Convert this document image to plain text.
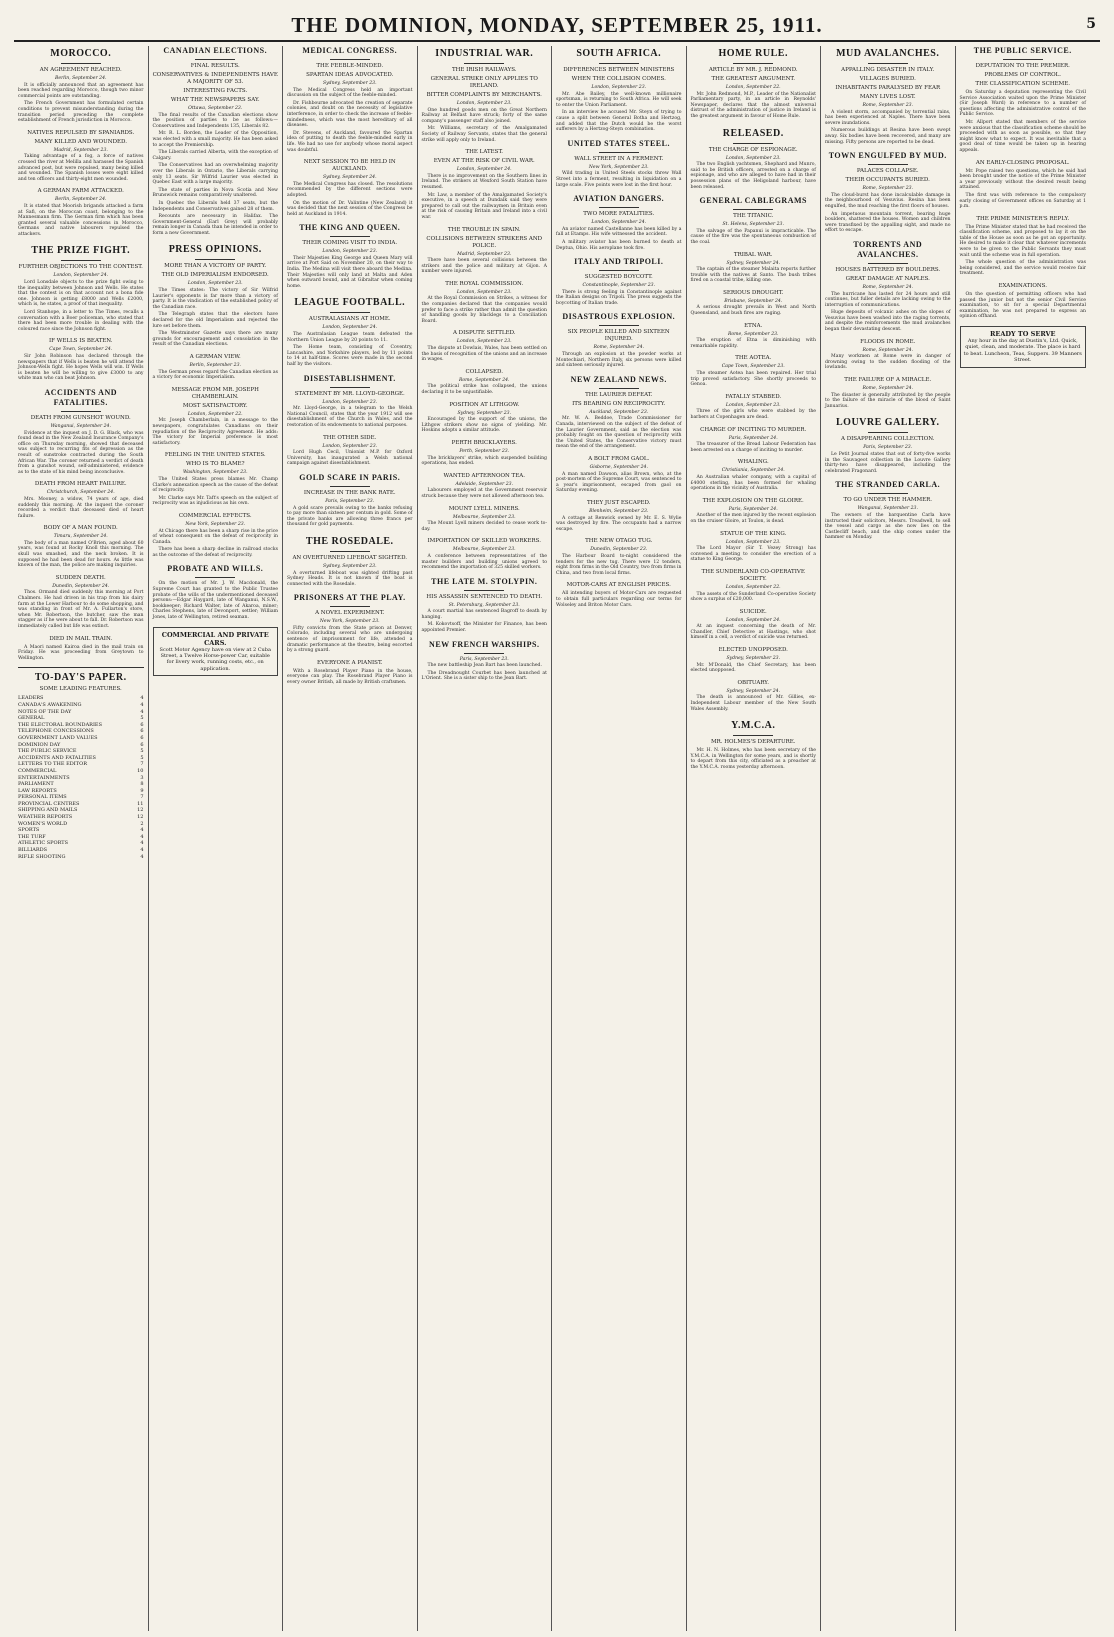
THE DOMINION, MONDAY, SEPTEMBER 25, 1911.	5
MOROCCO.
AN AGREEMENT REACHED.
Berlin, September 24.

It is officially announced that an agreement has been reached regarding Morocco, though two minor commercial points are outstanding.

The French Government has formulated certain conditions to prevent misunderstanding during the transition period preceding the complete establishment of French jurisdiction in Morocco.

NATIVES REPULSED BY SPANIARDS.
MANY KILLED AND WOUNDED.
Madrid, September 23.

Taking advantage of a fog, a force of natives crossed the river at Melilla and harassed the Spanish advanced post, but were repulsed, many being killed and wounded. The Spanish losses were eight killed and ten officers and thirty-eight men wounded.

A GERMAN FARM ATTACKED.
Berlin, September 24.

It is stated that Moorish brigands attacked a farm at Safi, on the Moroccan coast, belonging to the Mannesmann firm. The German firm which has been granted several valuable concessions in Morocco, Germans and native labourers repulsed the attackers.

THE PRIZE FIGHT.
FURTHER OBJECTIONS TO THE CONTEST.
London, September 24.

Lord Lonsdale objects to the prize fight owing to the inequality between Johnson and Wells. He states that the contest is on that account not a bona fide one. Johnson is getting £8000 and Wells £2000, which is, he states, a proof of that inequality.

Lord Stanhope, in a letter to The Times, recalls a conversation with a Boer policeman, who stated that there had been more trouble in dealing with the coloured race since the Johnson fight.

IF WELLS IS BEATEN.
Cape Town, September 24.

Sir John Robinson has declared through the newspapers that if Wells is beaten he will attend the Johnson-Wells fight. He hopes Wells will win. If Wells is beaten he will be willing to give £3000 to any white man who can beat Johnson.

ACCIDENTS AND FATALITIES.
DEATH FROM GUNSHOT WOUND.
Wanganui, September 24.

Evidence at the inquest on J. D. G. Black, who was found dead in the New Zealand Insurance Company's office on Thursday morning, showed that deceased was subject to recurring fits of depression as the result of sunstroke contracted during the South African War. The coroner returned a verdict of death from a gunshot wound, self-administered, evidence as to the state of his mind being inconclusive.

DEATH FROM HEART FAILURE.
Christchurch, September 24.

Mrs. Mooney, a widow, 74 years of age, died suddenly this morning. At the inquest the coroner recorded a verdict that deceased died of heart failure.

BODY OF A MAN FOUND.
Timaru, September 24.

The body of a man named O'Brien, aged about 60 years, was found at Rocky Knoll this morning. The skull was smashed, and the neck broken. It is supposed he had been dead for hours. As little was known of the man, the police are making inquiries.

SUDDEN DEATH.
Dunedin, September 24.

Thos. Ormand died suddenly this morning at Port Chalmers. He had driven in his trap from his dairy farm at the Lower Harbour to do some shopping, and was standing in front of Mr. A. Fullarton's store, when Mr. Robertson, the butcher, saw the man stagger as if he were about to fall. Dr. Robertson was immediately called but life was extinct.

DIED IN MAIL TRAIN.

A Maori named Kairoa died in the mail train on Friday. He was proceeding from Greytown to Wellington.

TO-DAY'S PAPER.
SOME LEADING FEATURES.
LEADERS	4
CANADA'S AWAKENING	4
NOTES OF THE DAY	4
GENERAL	5
THE ELECTORAL BOUNDARIES	6
TELEPHONE CONCESSIONS	6
GOVERNMENT LAND VALUES	6
DOMINION DAY	6
THE PUBLIC SERVICE	5
ACCIDENTS AND FATALITIES	5
LETTERS TO THE EDITOR	7
COMMERCIAL	10
ENTERTAINMENTS	3
PARLIAMENT	8
LAW REPORTS	9
PERSONAL ITEMS	7
PROVINCIAL CENTRES	11
SHIPPING AND MAILS	12
WEATHER REPORTS	12
WOMEN'S WORLD	2
SPORTS	4
THE TURF	4
ATHLETIC SPORTS	4
BILLIARDS	4
RIFLE SHOOTING	4
CANADIAN ELECTIONS.
FINAL RESULTS.
CONSERVATIVES & INDEPENDENTS HAVE A MAJORITY OF 53.
INTERESTING FACTS.
WHAT THE NEWSPAPERS SAY.
Ottawa, September 23.

The final results of the Canadian elections show the position of parties to be as follows:—Conservatives and Independents 135, Liberals 82.

Mr. R. L. Borden, the Leader of the Opposition, was elected with a small majority. He has been asked to accept the Premiership.

The Liberals carried Alberta, with the exception of Calgary.

The Conservatives had an overwhelming majority over the Liberals in Ontario, the Liberals carrying only 13 seats. Sir Wilfrid Laurier was elected in Quebec East with a large majority.

The state of parties in Nova Scotia and New Brunswick remains comparatively unaltered.

In Quebec the Liberals held 37 seats, but the Independents and Conservatives gained 28 of them.

Recounts are necessary in Halifax. The Government-General (Earl Grey) will probably remain longer in Canada than he intended in order to form a new Government.

PRESS OPINIONS.
MORE THAN A VICTORY OF PARTY.
THE OLD IMPERIALISM ENDORSED.
London, September 23.

The Times states: The victory of Sir Wilfrid Laurier's opponents is far more than a victory of party. It is the vindication of the established policy of the Canadian race.

The Telegraph states that the electors have declared for the old Imperialism and rejected the lure set before them.

The Westminster Gazette says there are many grounds for encouragement and consolation in the result of the Canadian elections.

A GERMAN VIEW.
Berlin, September 23.

The German press regard the Canadian election as a victory for economic Imperialism.

MESSAGE FROM MR. JOSEPH CHAMBERLAIN.
MOST SATISFACTORY.
London, September 22.

Mr. Joseph Chamberlain, in a message to the newspapers, congratulates Canadians on their repudiation of the Reciprocity Agreement. He adds: The victory for Imperial preference is most satisfactory.

FEELING IN THE UNITED STATES.
WHO IS TO BLAME?
Washington, September 23.

The United States press blames Mr. Champ Clarke's annexation speech as the cause of the defeat of reciprocity.

Mr. Clarke says Mr. Taft's speech on the subject of reciprocity was as injudicious as his own.

COMMERCIAL EFFECTS.
New York, September 23.

At Chicago there has been a sharp rise in the price of wheat consequent on the defeat of reciprocity in Canada.

There has been a sharp decline in railroad stocks as the outcome of the defeat of reciprocity.

PROBATE AND WILLS.

On the motion of Mr. J. W. Macdonald, the Supreme Court has granted to the Public Trustee probate of the wills of the undermentioned deceased persons:—Edgar Haygard, late of Wanganui, N.S.W., bookkeeper; Richard Walter, late of Akaroa, miner; Charles Stephens, late of Devonport, settler; William Jones, late of Wellington, retired seaman.

COMMERCIAL AND PRIVATE CARS.
Scott Motor Agency have on view at 2 Cuba Street, a Twelve Horse-power Car, suitable for livery work, running costs, etc., on application.
MEDICAL CONGRESS.
THE FEEBLE-MINDED.
SPARTAN IDEAS ADVOCATED.
Sydney, September 23.

The Medical Congress held an important discussion on the subject of the feeble-minded.

Dr. Fishbourne advocated the creation of separate colonies, and doubt on the necessity of legislative interference, in order to check the increase of feeble-mindedness, which was the most hereditary of all diseases.

Dr. Stevens, of Auckland, favoured the Spartan idea of putting to death the feeble-minded early in life. We had no use for anybody whose moral aspect was doubtful.

NEXT SESSION TO BE HELD IN AUCKLAND.
Sydney, September 24.

The Medical Congress has closed. The resolutions recommended by the different sections were adopted.

On the motion of Dr. Valintine (New Zealand) it was decided that the next session of the Congress be held at Auckland in 1914.

THE KING AND QUEEN.
THEIR COMING VISIT TO INDIA.
London, September 23.

Their Majesties King George and Queen Mary will arrive at Port Said on November 20, on their way to India. The Medina will visit there aboard the Medina. Their Majesties will only land at Malta and Aden when outward bound, and at Gibraltar when coming home.

LEAGUE FOOTBALL.
AUSTRALASIANS AT HOME.
London, September 24.

The Australasian League team defeated the Northern Union League by 20 points to 11.

The Home team, consisting of Coventry, Lancashire, and Yorkshire players, led by 11 points to 14 at half-time. Scores were made in the second half by the visitors.

DISESTABLISHMENT.
STATEMENT BY MR. LLOYD-GEORGE.
London, September 23.

Mr. Lloyd-George, in a telegram to the Welsh National Council, states that the year 1912 will see disestablishment of the Church in Wales, and the restoration of its endowments to national purposes.

THE OTHER SIDE.
London, September 23.

Lord Hugh Cecil, Unionist M.P. for Oxford University, has inaugurated a Welsh national campaign against disestablishment.

GOLD SCARE IN PARIS.
INCREASE IN THE BANK RATE.
Paris, September 23.

A gold scare prevails owing to the banks refusing to pay more than sixteen per centum in gold. Some of the private banks are allowing three francs per thousand for gold payments.

THE ROSEDALE.
AN OVERTURNED LIFEBOAT SIGHTED.
Sydney, September 23.

A overturned lifeboat was sighted drifting past Sydney Heads. It is not known if the boat is connected with the Rosedale.

PRISONERS AT THE PLAY.
A NOVEL EXPERIMENT.
New York, September 23.

Fifty convicts from the State prison at Denver, Colorado, including several who are undergoing sentence of imprisonment for life, attended a dramatic performance at the theatre, being escorted by a strong guard.

EVERYONE A PIANIST.

With a Rosebrand Player Piano in the house, everyone can play. The Rosebrand Player Piano is every owner British, all made by British craftsmen.

INDUSTRIAL WAR.
THE IRISH RAILWAYS.
GENERAL STRIKE ONLY APPLIES TO IRELAND.
BITTER COMPLAINTS BY MERCHANTS.
London, September 23.

One hundred goods men on the Great Northern Railway at Belfast have struck; forty of the same company's passenger staff also joined.

Mr. Williams, secretary of the Amalgamated Society of Railway Servants, states that the general strike will apply only to Ireland.

THE LATEST.
EVEN AT THE RISK OF CIVIL WAR.
London, September 24.

There is no improvement on the Southern lines in Ireland. The strikers at Wexford South Station have resumed.

Mr. Law, a member of the Amalgamated Society's executive, in a speech at Dundalk said they were prepared to call out the railwaymen in Britain even at the risk of causing Britain and Ireland into a civil war.

THE TROUBLE IN SPAIN.
COLLISIONS BETWEEN STRIKERS AND POLICE.
Madrid, September 23.

There have been several collisions between the strikers and the police and military at Gijon. A number were injured.

THE ROYAL COMMISSION.
London, September 23.

At the Royal Commission on Strikes, a witness for the companies declared that the companies would prefer to face a strike rather than admit the question of handling goods by blacklegs to a Conciliation Board.

A DISPUTE SETTLED.
London, September 23.

The dispute at Dowlais, Wales, has been settled on the basis of recognition of the unions and an increase in wages.

COLLAPSED.
Rome, September 24.

The political strike has collapsed, the unions declaring it to be unjustifiable.

POSITION AT LITHGOW.
Sydney, September 23.

Encouraged by the support of the unions, the Lithgow strikers show no signs of yielding. Mr. Hoskins adopts a similar attitude.

PERTH BRICKLAYERS.
Perth, September 23.

The bricklayers' strike, which suspended building operations, has ended.

WANTED AFTERNOON TEA.
Adelaide, September 23.

Labourers employed at the Government reservoir struck because they were not allowed afternoon tea.

MOUNT LYELL MINERS.
Melbourne, September 23.

The Mount Lyell miners decided to cease work to-day.

IMPORTATION OF SKILLED WORKERS.
Melbourne, September 23.

A conference between representatives of the master builders and building unions agreed to recommend the importation of 325 skilled workers.

THE LATE M. STOLYPIN.
HIS ASSASSIN SENTENCED TO DEATH.
St. Petersburg, September 23.

A court martial has sentenced Bagroff to death by hanging.

M. Kokovtsoff, the Minister for Finance, has been appointed Premier.

NEW FRENCH WARSHIPS.
Paris, September 23.

The new battleship Jean Bart has been launched.

The Dreadnought Courbet has been launched at L'Orient. She is a sister ship to the Jean Bart.

SOUTH AFRICA.
DIFFERENCES BETWEEN MINISTERS
WHEN THE COLLISION COMES.
London, September 23.

Mr. Abe Bailey, the well-known millionaire sportsman, is returning to South Africa. He will seek to enter the Union Parliament.

In an interview he accused Mr. Steyn of trying to cause a split between General Botha and Hertzog, and added that the Dutch would be the worst sufferers by a Hertzog-Steyn combination.

UNITED STATES STEEL.
WALL STREET IN A FERMENT.
New York, September 23.

Wild trading in United Steels stocks threw Wall Street into a ferment, resulting in liquidation on a large scale. Five points were lost in the first hour.

AVIATION DANGERS.
TWO MORE FATALITIES.
London, September 24.

An aviator named Castellanne has been killed by a fall at Etamps. His wife witnessed the accident.

A military aviator has been burned to death at Deptua, Ohio. His aeroplane took fire.

ITALY AND TRIPOLI.
SUGGESTED BOYCOTT.
Constantinople, September 23.

There is strong feeling in Constantinople against the Italian designs on Tripoli. The press suggests the boycotting of Italian trade.

DISASTROUS EXPLOSION.
SIX PEOPLE KILLED AND SIXTEEN INJURED.
Rome, September 24.

Through an explosion at the powder works at Montechiari, Northern Italy, six persons were killed and sixteen seriously injured.

NEW ZEALAND NEWS.
THE LAURIER DEFEAT.
ITS BEARING ON RECIPROCITY.
Auckland, September 23.

Mr. W. A. Beddoe, Trade Commissioner for Canada, interviewed on the subject of the defeat of the Laurier Government, said as the election was probably fought on the question of reciprocity with the United States, the Conservative victory must mean the end of the arrangement.

A BOLT FROM GAOL.
Gisborne, September 24.

A man named Dawson, alias Brown, who, at the post-mortem of the Supreme Court, was sentenced to a year's imprisonment, escaped from gaol on Saturday evening.

THEY JUST ESCAPED.
Blenheim, September 23.

A cottage at Renwick owned by Mr. E. S. Wylie was destroyed by fire. The occupants had a narrow escape.

THE NEW OTAGO TUG.
Dunedin, September 23.

The Harbour Board to-night considered the tenders for the new tug. There were 12 tenders, eight from firms in the Old Country, two from firms in China, and two from local firms.

MOTOR-CARS AT ENGLISH PRICES.

All intending buyers of Motor-Cars are requested to obtain full particulars regarding our terms for Wolseley and Briton Motor Cars.

HOME RULE.
ARTICLE BY MR. J. REDMOND.
THE GREATEST ARGUMENT.
London, September 22.

Mr. John Redmond, M.P., Leader of the Nationalist Parliamentary party, in an article in Reynolds' Newspaper, declares that the almost universal distrust of the administration of justice in Ireland is the greatest argument in favour of Home Rule.

RELEASED.
THE CHARGE OF ESPIONAGE.
London, September 23.

The two English yachtsmen, Shephard and Munro, said to be British officers, arrested on a charge of espionage, and who are alleged to have had in their possession plans of the Heligoland harbour, have been released.

GENERAL CABLEGRAMS
THE TITANIC.
St. Helens, September 23.

The salvage of the Papanui is impracticable. The cause of the fire was the spontaneous combustion of the coal.

TRIBAL WAR.
Sydney, September 24.

The captain of the steamer Malaita reports further trouble with the natives at Santo. The bush tribes fired on a coastal tribe, killing one.

SERIOUS DROUGHT.
Brisbane, September 24.

A serious drought prevails in West and North Queensland, and bush fires are raging.

ETNA.
Rome, September 23.

The eruption of Etna is diminishing with remarkable rapidity.

THE AOTEA.
Cape Town, September 23.

The steamer Aotea has been repaired. Her trial trip proved satisfactory. She shortly proceeds to Genoa.

FATALLY STABBED.
London, September 23.

Three of the girls who were stabbed by the barbers at Copenhagen are dead.

CHARGE OF INCITING TO MURDER.
Paris, September 24.

The treasurer of the Bread Labour Federation has been arrested on a charge of inciting to murder.

WHALING.
Christiania, September 24.

An Australian whaler company, with a capital of £4000 sterling, has been formed for whaling operations in the vicinity of Australia.

THE EXPLOSION ON THE GLOIRE.
Paris, September 24.

Another of the men injured by the recent explosion on the cruiser Gloire, at Toulon, is dead.

STATUE OF THE KING.
London, September 23.

The Lord Mayor (Sir T. Vezey Strong) has convened a meeting to consider the erection of a statue to King George.

THE SUNDERLAND CO-OPERATIVE SOCIETY.
London, September 22.

The assets of the Sunderland Co-operative Society show a surplus of £20,000.

SUICIDE.
London, September 24.

At an inquest concerning the death of Mr. Chandler, Chief Detective at Hastings, who shot himself in a cell, a verdict of suicide was returned.

ELECTED UNOPPOSED.
Sydney, September 23.

Mr. M'Donald, the Chief Secretary, has been elected unopposed.

OBITUARY.
Sydney, September 24.

The death is announced of Mr. Gillies, ex-Independent Labour member of the New South Wales Assembly.

Y.M.C.A.
MR. HOLMES'S DEPARTURE.

Mr. H. N. Holmes, who has been secretary of the Y.M.C.A. in Wellington for some years, and is shortly to depart from this city, officiated as a preacher at the Y.M.C.A. rooms yesterday afternoon.

MUD AVALANCHES.
APPALLING DISASTER IN ITALY.
VILLAGES BURIED.
INHABITANTS PARALYSED BY FEAR
MANY LIVES LOST.
Rome, September 23.

A violent storm, accompanied by torrential rains, has been experienced at Naples. There have been severe inundations.

Numerous buildings at Resina have been swept away. Six bodies have been recovered, and many are missing. Fifty persons are reported to be dead.

TOWN ENGULFED BY MUD.
PALACES COLLAPSE.
THEIR OCCUPANTS BURIED.
Rome, September 23.

The cloud-burst has done incalculable damage in the neighbourhood of Vesuvius. Resina has been engulfed, the mud reaching the first floors of houses.

An impetuous mountain torrent, bearing huge boulders, shattered the houses. Women and children were transfixed by the appalling sight, and made no effort to escape.

TORRENTS AND AVALANCHES.
HOUSES BATTERED BY BOULDERS.
GREAT DAMAGE AT NAPLES.
Rome, September 24.

The hurricane has lasted for 24 hours and still continues, but fuller details are lacking owing to the interruption of communications.

Huge deposits of volcanic ashes on the slopes of Vesuvius have been washed into the raging torrents, and despite the reinforcements the mud avalanches began their devastating descent.

FLOODS IN ROME.
Rome, September 24.

Many workmen at Rome were in danger of drowning owing to the sudden flooding of the lowlands.

THE FAILURE OF A MIRACLE.
Rome, September 24.

The disaster is generally attributed by the people to the failure of the miracle of the blood of Saint Januarius.

LOUVRE GALLERY.
A DISAPPEARING COLLECTION.
Paris, September 23.

Le Petit Journal states that out of forty-five works in the Sauvageot collection in the Louvre Gallery thirty-two have disappeared, including the celebrated Fragonard.

THE STRANDED CARLA.
TO GO UNDER THE HAMMER.
Wanganui, September 23.

The owners of the barquentine Carla have instructed their solicitors, Messrs. Treadwell, to sell the vessel and cargo as she now lies on the Castlecliff beach, and the ship comes under the hammer on Monday.

THE PUBLIC SERVICE.
DEPUTATION TO THE PREMIER.
PROBLEMS OF CONTROL.
THE CLASSIFICATION SCHEME.

On Saturday a deputation representing the Civil Service Association waited upon the Prime Minister (Sir Joseph Ward) in reference to a number of questions affecting the administrative control of the Public Service.

Mr. Allport stated that members of the service were anxious that the classification scheme should be proceeded with as soon as possible, so that they might know what to expect. It was inevitable that a good deal of time would be taken up in hearing appeals.

AN EARLY-CLOSING PROPOSAL.

Mr. Pope raised two questions, which he said had been brought under the notice of the Prime Minister a year previously without the desired result being attained.

The first was with reference to the compulsory early closing of Government offices on Saturday at 1 p.m.

THE PRIME MINISTER'S REPLY.

The Prime Minister stated that he had received the classification scheme, and proposed to lay it on the table of the House as soon as he got an opportunity. He desired to make it clear that whatever increments were to be given to the Public Servants they must wait until the scheme was in full operation.

The whole question of the administration was being considered, and the service would receive fair treatment.

EXAMINATIONS.

On the question of permitting officers who had passed the junior but not the senior Civil Service examination, to sit for a special Departmental examination, he was not prepared to express an opinion offhand.

READY TO SERVE
Any hour in the day at Dustin's, Ltd. Quick, quiet, clean, and moderate. The place is hard to beat. Luncheon, Teas, Suppers. 39 Manners Street.
